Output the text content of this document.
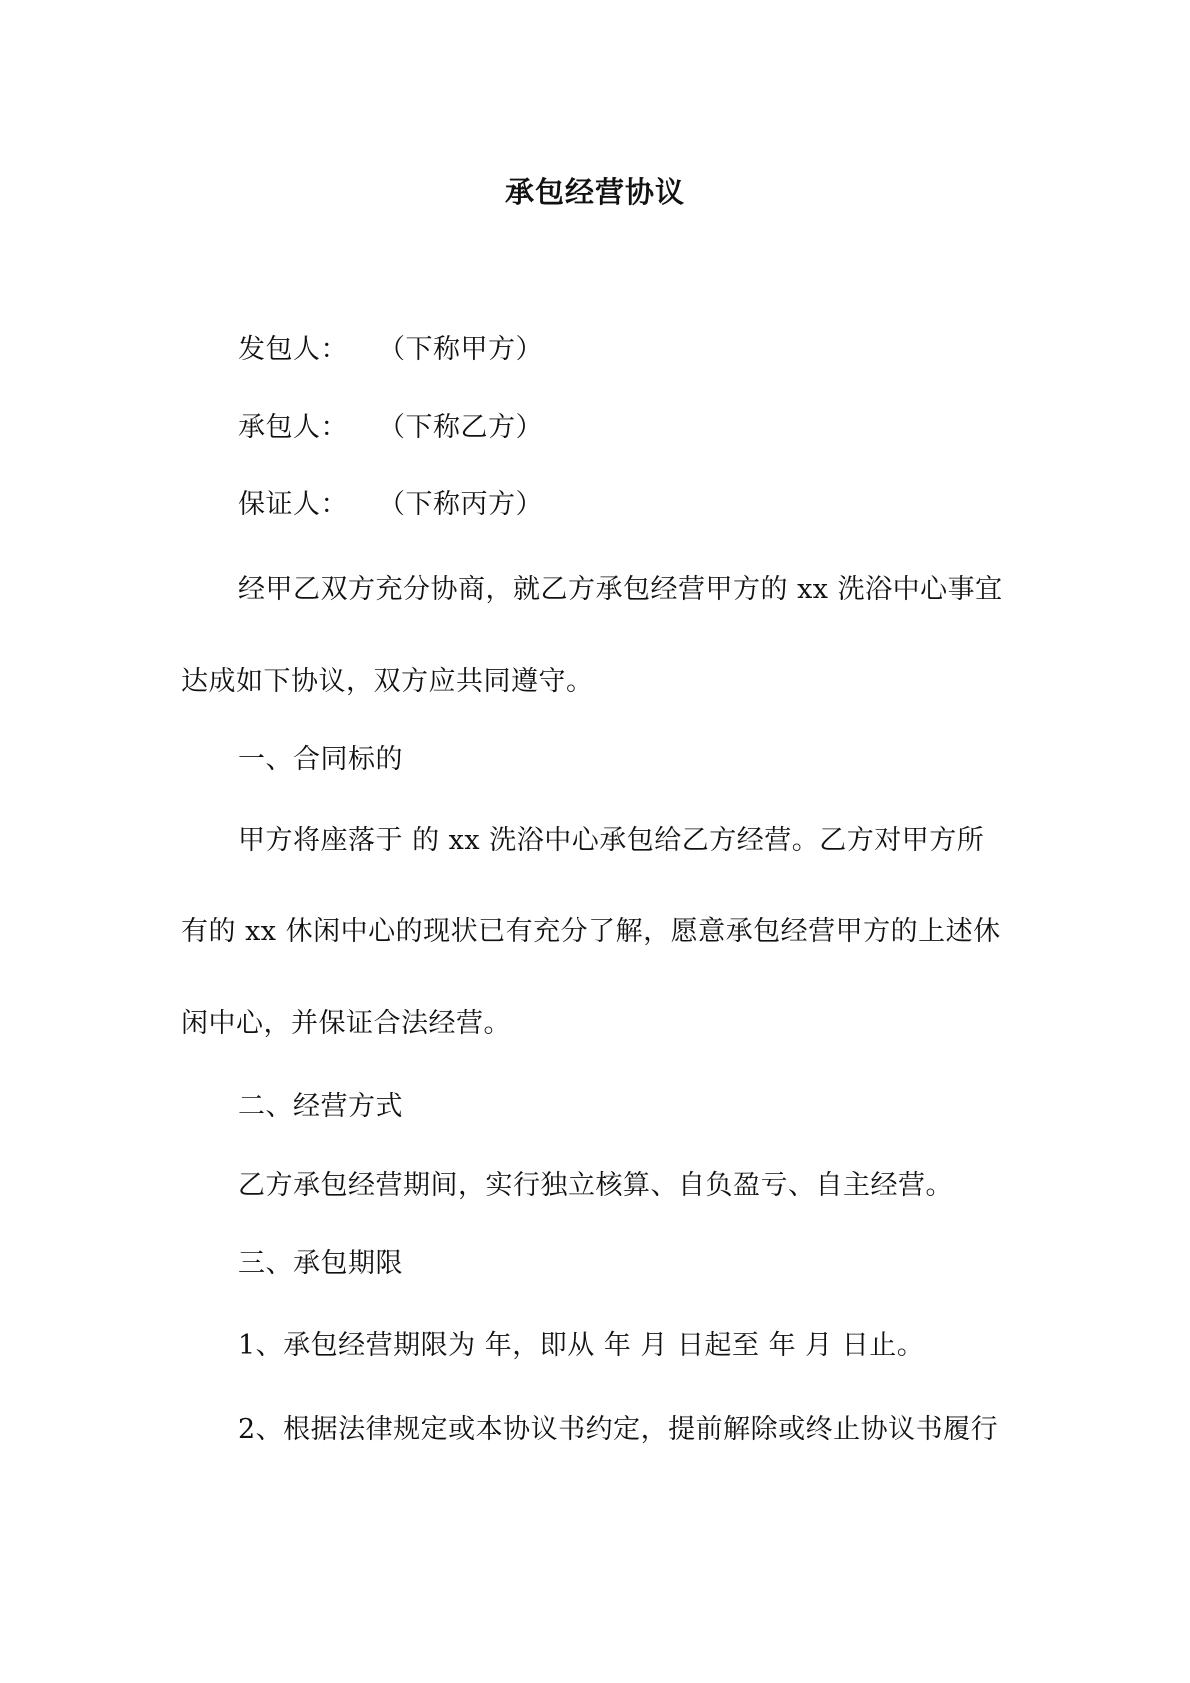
承包经营协议
发包人： （下称甲方）
承包人： （下称乙方）
保证人： （下称丙方）
经甲乙双方充分协商，就乙方承包经营甲方的 xx 洗浴中心事宜
达成如下协议，双方应共同遵守。
一、合同标的
甲方将座落于 的 xx 洗浴中心承包给乙方经营。乙方对甲方所
有的 xx 休闲中心的现状已有充分了解，愿意承包经营甲方的上述休
闲中心，并保证合法经营。
二、经营方式
乙方承包经营期间，实行独立核算、自负盈亏、自主经营。
三、承包期限
1、承包经营期限为 年，即从 年 月 日起至 年 月 日止。
2、根据法律规定或本协议书约定，提前解除或终止协议书履行
